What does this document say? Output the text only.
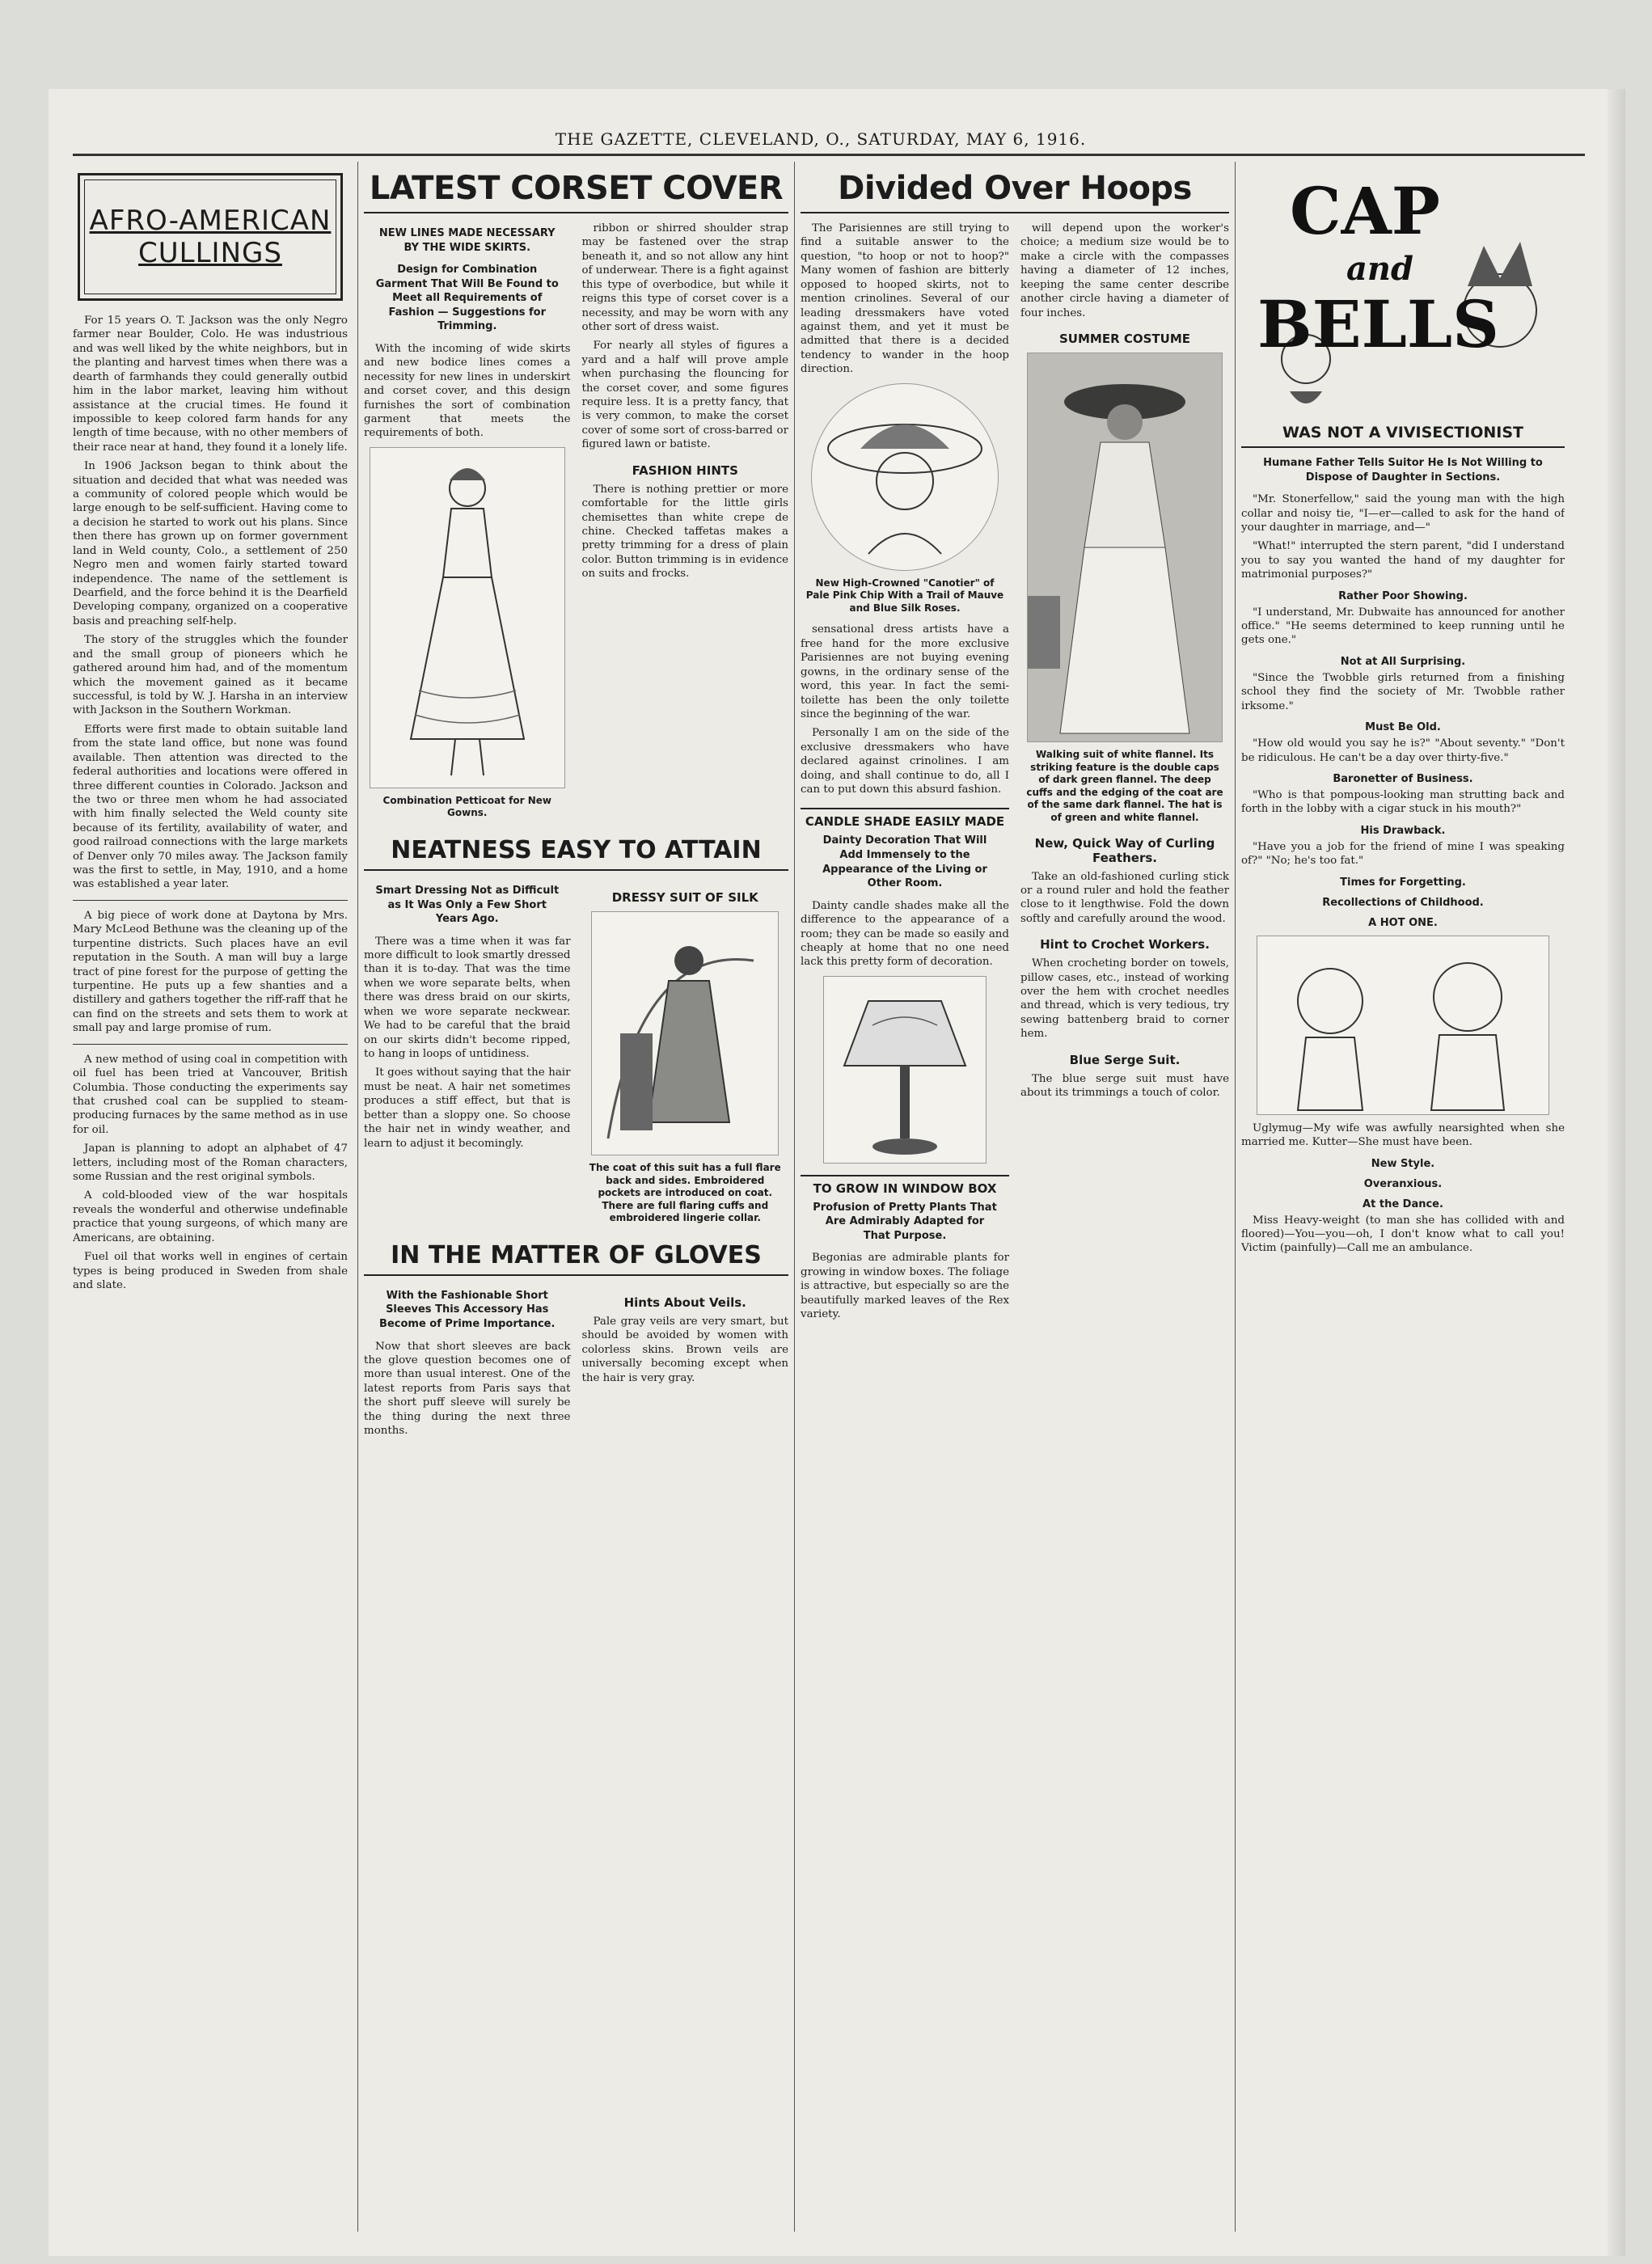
THE GAZETTE, CLEVELAND, O., SATURDAY, MAY 6, 1916.
AFRO-AMERICAN CULLINGS

For 15 years O. T. Jackson was the only Negro farmer near Boulder, Colo. He was industrious and was well liked by the white neighbors, but in the planting and harvest times when there was a dearth of farmhands they could generally outbid him in the labor market, leaving him without assistance at the crucial times. He found it impossible to keep colored farm hands for any length of time because, with no other members of their race near at hand, they found it a lonely life.

In 1906 Jackson began to think about the situation and decided that what was needed was a community of colored people which would be large enough to be self-sufficient. Having come to a decision he started to work out his plans. Since then there has grown up on former government land in Weld county, Colo., a settlement of 250 Negro men and women fairly started toward independence. The name of the settlement is Dearfield, and the force behind it is the Dearfield Developing company, organized on a cooperative basis and preaching self-help.

The story of the struggles which the founder and the small group of pioneers which he gathered around him had, and of the momentum which the movement gained as it became successful, is told by W. J. Harsha in an interview with Jackson in the Southern Workman.

Efforts were first made to obtain suitable land from the state land office, but none was found available. Then attention was directed to the federal authorities and locations were offered in three different counties in Colorado. Jackson and the two or three men whom he had associated with him finally selected the Weld county site because of its fertility, availability of water, and good railroad connections with the large markets of Denver only 70 miles away. The Jackson family was the first to settle, in May, 1910, and a home was established a year later.

A big piece of work done at Daytona by Mrs. Mary McLeod Bethune was the cleaning up of the turpentine districts. Such places have an evil reputation in the South. A man will buy a large tract of pine forest for the purpose of getting the turpentine. He puts up a few shanties and a distillery and gathers together the riff-raff that he can find on the streets and sets them to work at small pay and large promise of rum.

A new method of using coal in competition with oil fuel has been tried at Vancouver, British Columbia. Those conducting the experiments say that crushed coal can be supplied to steam-producing furnaces by the same method as in use for oil.

Japan is planning to adopt an alphabet of 47 letters, including most of the Roman characters, some Russian and the rest original symbols.

A cold-blooded view of the war hospitals reveals the wonderful and otherwise undefinable practice that young surgeons, of which many are Americans, are obtaining.

Fuel oil that works well in engines of certain types is being produced in Sweden from shale and slate.

LATEST CORSET COVER
NEW LINES MADE NECESSARY BY THE WIDE SKIRTS.
Design for Combination Garment That Will Be Found to Meet all Requirements of Fashion — Suggestions for Trimming.

With the incoming of wide skirts and new bodice lines comes a necessity for new lines in underskirt and corset cover, and this design furnishes the sort of combination garment that meets the requirements of both.

Combination Petticoat for New Gowns.

ribbon or shirred shoulder strap may be fastened over the strap beneath it, and so not allow any hint of underwear. There is a fight against this type of overbodice, but while it reigns this type of corset cover is a necessity, and may be worn with any other sort of dress waist.

For nearly all styles of figures a yard and a half will prove ample when purchasing the flouncing for the corset cover, and some figures require less. It is a pretty fancy, that is very common, to make the corset cover of some sort of cross-barred or figured lawn or batiste.

FASHION HINTS

There is nothing prettier or more comfortable for the little girls chemisettes than white crepe de chine. Checked taffetas makes a pretty trimming for a dress of plain color. Button trimming is in evidence on suits and frocks.

NEATNESS EASY TO ATTAIN
Smart Dressing Not as Difficult as It Was Only a Few Short Years Ago.

There was a time when it was far more difficult to look smartly dressed than it is to-day. That was the time when we wore separate belts, when there was dress braid on our skirts, when we wore separate neckwear. We had to be careful that the braid on our skirts didn't become ripped, to hang in loops of untidiness.

It goes without saying that the hair must be neat. A hair net sometimes produces a stiff effect, but that is better than a sloppy one. So choose the hair net in windy weather, and learn to adjust it becomingly.

DRESSY SUIT OF SILK
The coat of this suit has a full flare back and sides. Embroidered pockets are introduced on coat. There are full flaring cuffs and embroidered lingerie collar.
IN THE MATTER OF GLOVES
With the Fashionable Short Sleeves This Accessory Has Become of Prime Importance.

Now that short sleeves are back the glove question becomes one of more than usual interest. One of the latest reports from Paris says that the short puff sleeve will surely be the thing during the next three months.

Hints About Veils.

Pale gray veils are very smart, but should be avoided by women with colorless skins. Brown veils are universally becoming except when the hair is very gray.

Divided Over Hoops

The Parisiennes are still trying to find a suitable answer to the question, "to hoop or not to hoop?" Many women of fashion are bitterly opposed to hooped skirts, not to mention crinolines. Several of our leading dressmakers have voted against them, and yet it must be admitted that there is a decided tendency to wander in the hoop direction.

New High-Crowned "Canotier" of Pale Pink Chip With a Trail of Mauve and Blue Silk Roses.

sensational dress artists have a free hand for the more exclusive Parisiennes are not buying evening gowns, in the ordinary sense of the word, this year. In fact the semi-toilette has been the only toilette since the beginning of the war.

Personally I am on the side of the exclusive dressmakers who have declared against crinolines. I am doing, and shall continue to do, all I can to put down this absurd fashion.

CANDLE SHADE EASILY MADE
Dainty Decoration That Will Add Immensely to the Appearance of the Living or Other Room.

Dainty candle shades make all the difference to the appearance of a room; they can be made so easily and cheaply at home that no one need lack this pretty form of decoration.

TO GROW IN WINDOW BOX
Profusion of Pretty Plants That Are Admirably Adapted for That Purpose.

Begonias are admirable plants for growing in window boxes. The foliage is attractive, but especially so are the beautifully marked leaves of the Rex variety.

will depend upon the worker's choice; a medium size would be to make a circle with the compasses having a diameter of 12 inches, keeping the same center describe another circle having a diameter of four inches.

SUMMER COSTUME
Walking suit of white flannel. Its striking feature is the double caps of dark green flannel. The deep cuffs and the edging of the coat are of the same dark flannel. The hat is of green and white flannel.
New, Quick Way of Curling Feathers.

Take an old-fashioned curling stick or a round ruler and hold the feather close to it lengthwise. Fold the down softly and carefully around the wood.

Hint to Crochet Workers.

When crocheting border on towels, pillow cases, etc., instead of working over the hem with crochet needles and thread, which is very tedious, try sewing battenberg braid to corner hem.

Blue Serge Suit.

The blue serge suit must have about its trimmings a touch of color.

CAP
and
BELLS
WAS NOT A VIVISECTIONIST
Humane Father Tells Suitor He Is Not Willing to Dispose of Daughter in Sections.

"Mr. Stonerfellow," said the young man with the high collar and noisy tie, "I—er—called to ask for the hand of your daughter in marriage, and—"

"What!" interrupted the stern parent, "did I understand you to say you wanted the hand of my daughter for matrimonial purposes?"

Rather Poor Showing.

"I understand, Mr. Dubwaite has announced for another office." "He seems determined to keep running until he gets one."

Not at All Surprising.

"Since the Twobble girls returned from a finishing school they find the society of Mr. Twobble rather irksome."

Must Be Old.

"How old would you say he is?" "About seventy." "Don't be ridiculous. He can't be a day over thirty-five."

Baronetter of Business.

"Who is that pompous-looking man strutting back and forth in the lobby with a cigar stuck in his mouth?"

His Drawback.

"Have you a job for the friend of mine I was speaking of?" "No; he's too fat."

Times for Forgetting.
Recollections of Childhood.
A HOT ONE.

Uglymug—My wife was awfully nearsighted when she married me. Kutter—She must have been.

New Style.
Overanxious.
At the Dance.

Miss Heavy-weight (to man she has collided with and floored)—You—you—oh, I don't know what to call you! Victim (painfully)—Call me an ambulance.
